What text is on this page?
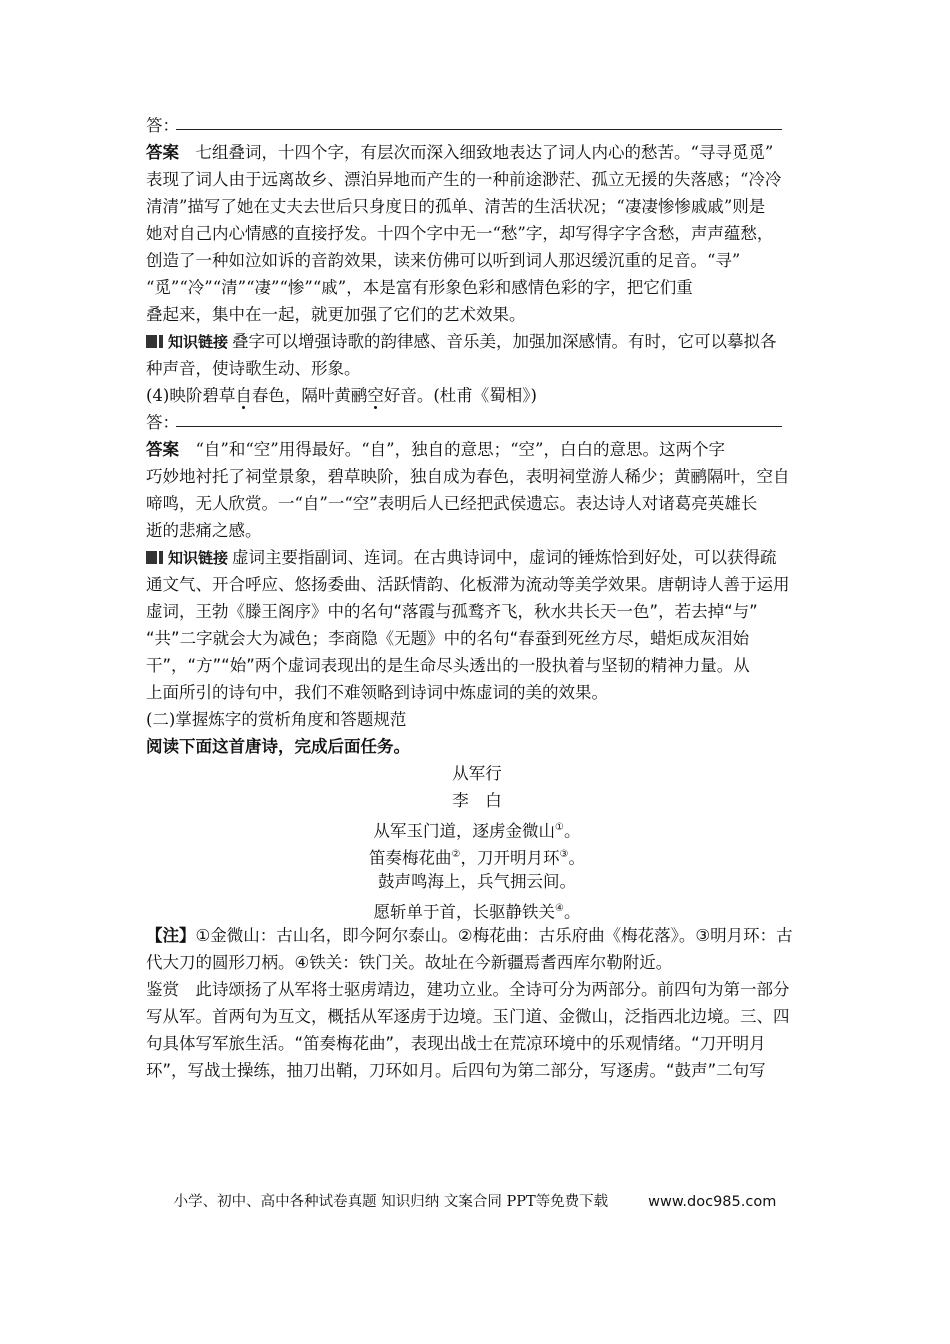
答：
答案　七组叠词，十四个字，有层次而深入细致地表达了词人内心的愁苦。“寻寻觅觅”
表现了词人由于远离故乡、漂泊异地而产生的一种前途渺茫、孤立无援的失落感；“冷冷
清清”描写了她在丈夫去世后只身度日的孤单、清苦的生活状况；“凄凄惨惨戚戚”则是
她对自己内心情感的直接抒发。十四个字中无一“愁”字，却写得字字含愁，声声蕴愁，
创造了一种如泣如诉的音韵效果，读来仿佛可以听到词人那迟缓沉重的足音。“寻”
“觅”“冷”“清”“凄”“惨”“戚”，本是富有形象色彩和感情色彩的字，把它们重
叠起来，集中在一起，就更加强了它们的艺术效果。
知识链接 叠字可以增强诗歌的韵律感、音乐美，加强加深感情。有时，它可以摹拟各
种声音，使诗歌生动、形象。
(4)映阶碧草自春色，隔叶黄鹂空好音。(杜甫《蜀相》)
答：
答案　“自”和“空”用得最好。“自”，独自的意思；“空”，白白的意思。这两个字
巧妙地衬托了祠堂景象，碧草映阶，独自成为春色，表明祠堂游人稀少；黄鹂隔叶，空自
啼鸣，无人欣赏。一“自”一“空”表明后人已经把武侯遗忘。表达诗人对诸葛亮英雄长
逝的悲痛之感。
知识链接 虚词主要指副词、连词。在古典诗词中，虚词的锤炼恰到好处，可以获得疏
通文气、开合呼应、悠扬委曲、活跃情韵、化板滞为流动等美学效果。唐朝诗人善于运用
虚词，王勃《滕王阁序》中的名句“落霞与孤鹜齐飞，秋水共长天一色”，若去掉“与”
“共”二字就会大为减色；李商隐《无题》中的名句“春蚕到死丝方尽，蜡炬成灰泪始
干”，“方”“始”两个虚词表现出的是生命尽头透出的一股执着与坚韧的精神力量。从
上面所引的诗句中，我们不难领略到诗词中炼虚词的美的效果。
(二)掌握炼字的赏析角度和答题规范
阅读下面这首唐诗，完成后面任务。
从军行
李　白
从军玉门道，逐虏金微山①。
笛奏梅花曲②，刀开明月环③。
鼓声鸣海上，兵气拥云间。
愿斩单于首，长驱静铁关④。
【注】①金微山：古山名，即今阿尔泰山。②梅花曲：古乐府曲《梅花落》。③明月环：古
代大刀的圆形刀柄。④铁关：铁门关。故址在今新疆焉耆西库尔勒附近。
鉴赏　此诗颂扬了从军将士驱虏靖边，建功立业。全诗可分为两部分。前四句为第一部分
写从军。首两句为互文，概括从军逐虏于边境。玉门道、金微山，泛指西北边境。三、四
句具体写军旅生活。“笛奏梅花曲”，表现出战士在荒凉环境中的乐观情绪。“刀开明月
环”，写战士操练，抽刀出鞘，刀环如月。后四句为第二部分，写逐虏。“鼓声”二句写
小学、初中、高中各种试卷真题 知识归纳 文案合同 PPT等免费下载	www.doc985.com
